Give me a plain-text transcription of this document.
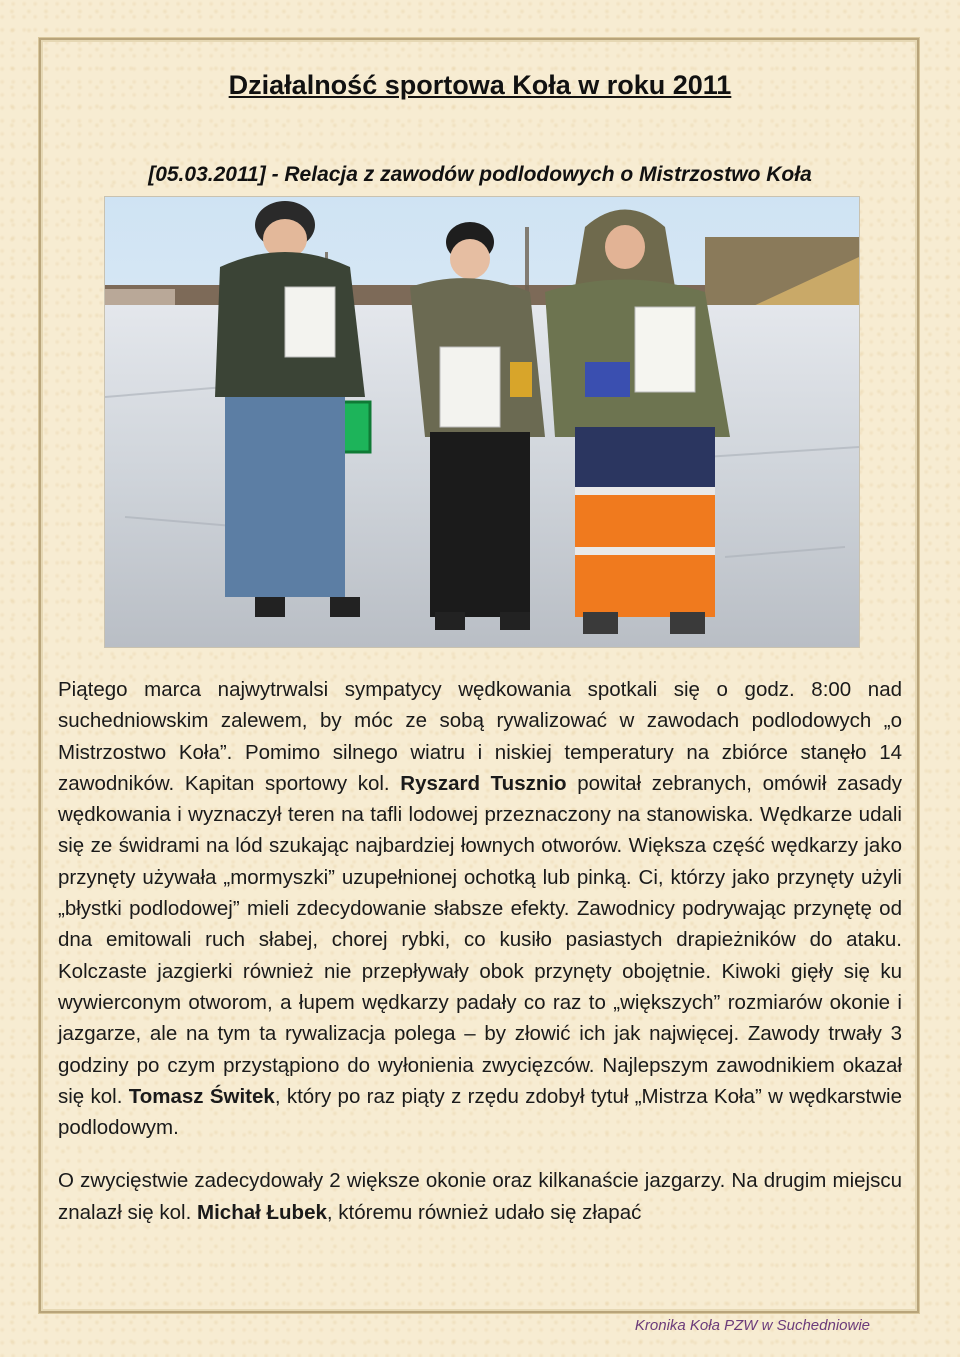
Działalność sportowa Koła w roku 2011
[05.03.2011] - Relacja z zawodów podlodowych o Mistrzostwo Koła

Piątego marca najwytrwalsi sympatycy wędkowania spotkali się o godz. 8:00 nad suchedniowskim zalewem, by móc ze sobą rywalizować w zawodach podlodowych „o Mistrzostwo Koła”. Pomimo silnego wiatru i niskiej temperatury na zbiórce stanęło 14 zawodników. Kapitan sportowy kol. Ryszard Tusznio powitał zebranych, omówił zasady wędkowania i wyznaczył teren na tafli lodowej przeznaczony na stanowiska. Wędkarze udali się ze świdrami na lód szukając najbardziej łownych otworów. Większa część wędkarzy jako przynęty używała „mormyszki” uzupełnionej ochotką lub pinką. Ci, którzy jako przynęty użyli „błystki podlodowej” mieli zdecydowanie słabsze efekty. Zawodnicy podrywając przynętę od dna emitowali ruch słabej, chorej rybki, co kusiło pasiastych drapieżników do ataku. Kolczaste jazgierki również nie przepływały obok przynęty obojętnie. Kiwoki gięły się ku wywierconym otworom, a łupem wędkarzy padały co raz to „większych” rozmiarów okonie i jazgarze, ale na tym ta rywalizacja polega – by złowić ich jak najwięcej. Zawody trwały 3 godziny po czym przystąpiono do wyłonienia zwycięzców. Najlepszym zawodnikiem okazał się kol. Tomasz Świtek, który po raz piąty z rzędu zdobył tytuł „Mistrza Koła” w wędkarstwie podlodowym.

O zwycięstwie zadecydowały 2 większe okonie oraz kilkanaście jazgarzy. Na drugim miejscu znalazł się kol. Michał Łubek, któremu również udało się złapać

Kronika Koła PZW w Suchedniowie
